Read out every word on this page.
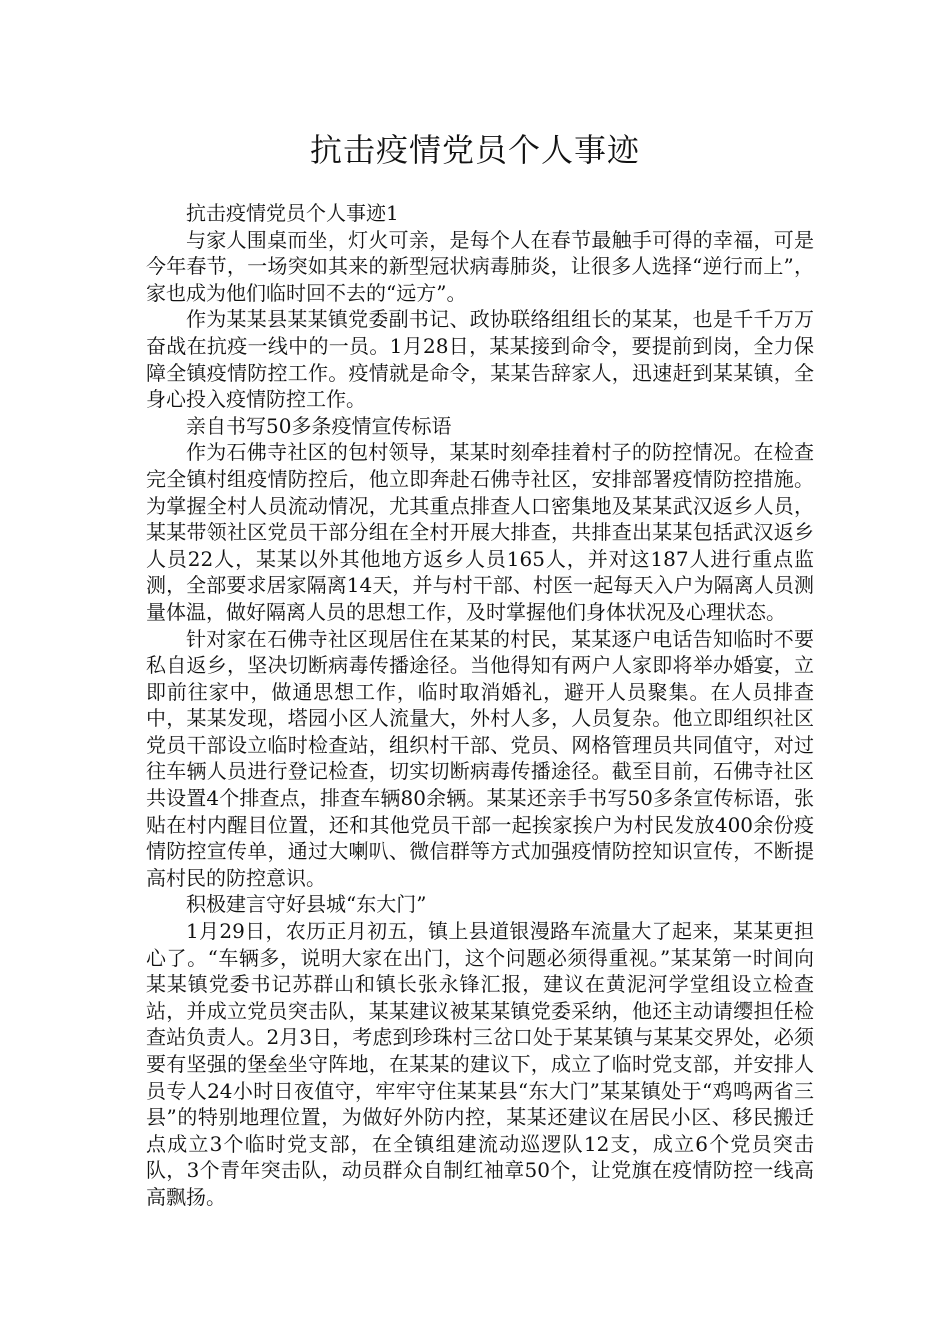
抗击疫情党员个人事迹

抗击疫情党员个人事迹1

与家人围桌而坐，灯火可亲，是每个人在春节最触手可得的幸福，可是今年春节，一场突如其来的新型冠状病毒肺炎，让很多人选择“逆行而上”，家也成为他们临时回不去的“远方”。

作为某某县某某镇党委副书记、政协联络组组长的某某，也是千千万万奋战在抗疫一线中的一员。1月28日，某某接到命令，要提前到岗，全力保障全镇疫情防控工作。疫情就是命令，某某告辞家人，迅速赶到某某镇，全身心投入疫情防控工作。

亲自书写50多条疫情宣传标语

作为石佛寺社区的包村领导，某某时刻牵挂着村子的防控情况。在检查完全镇村组疫情防控后，他立即奔赴石佛寺社区，安排部署疫情防控措施。为掌握全村人员流动情况，尤其重点排查人口密集地及某某武汉返乡人员，某某带领社区党员干部分组在全村开展大排查，共排查出某某包括武汉返乡人员22人，某某以外其他地方返乡人员165人，并对这187人进行重点监测，全部要求居家隔离14天，并与村干部、村医一起每天入户为隔离人员测量体温，做好隔离人员的思想工作，及时掌握他们身体状况及心理状态。

针对家在石佛寺社区现居住在某某的村民，某某逐户电话告知临时不要私自返乡，坚决切断病毒传播途径。当他得知有两户人家即将举办婚宴，立即前往家中，做通思想工作，临时取消婚礼，避开人员聚集。在人员排查中，某某发现，塔园小区人流量大，外村人多，人员复杂。他立即组织社区党员干部设立临时检查站，组织村干部、党员、网格管理员共同值守，对过往车辆人员进行登记检查，切实切断病毒传播途径。截至目前，石佛寺社区共设置4个排查点，排查车辆80余辆。某某还亲手书写50多条宣传标语，张贴在村内醒目位置，还和其他党员干部一起挨家挨户为村民发放400余份疫情防控宣传单，通过大喇叭、微信群等方式加强疫情防控知识宣传，不断提高村民的防控意识。

积极建言守好县城“东大门”

1月29日，农历正月初五，镇上县道银漫路车流量大了起来，某某更担心了。“车辆多，说明大家在出门，这个问题必须得重视。”某某第一时间向某某镇党委书记苏群山和镇长张永锋汇报，建议在黄泥河学堂组设立检查站，并成立党员突击队，某某建议被某某镇党委采纳，他还主动请缨担任检查站负责人。2月3日，考虑到珍珠村三岔口处于某某镇与某某交界处，必须要有坚强的堡垒坐守阵地，在某某的建议下，成立了临时党支部，并安排人员专人24小时日夜值守，牢牢守住某某县“东大门”某某镇处于“鸡鸣两省三县”的特别地理位置，为做好外防内控，某某还建议在居民小区、移民搬迁点成立3个临时党支部，在全镇组建流动巡逻队12支，成立6个党员突击队，3个青年突击队，动员群众自制红袖章50个，让党旗在疫情防控一线高高飘扬。
